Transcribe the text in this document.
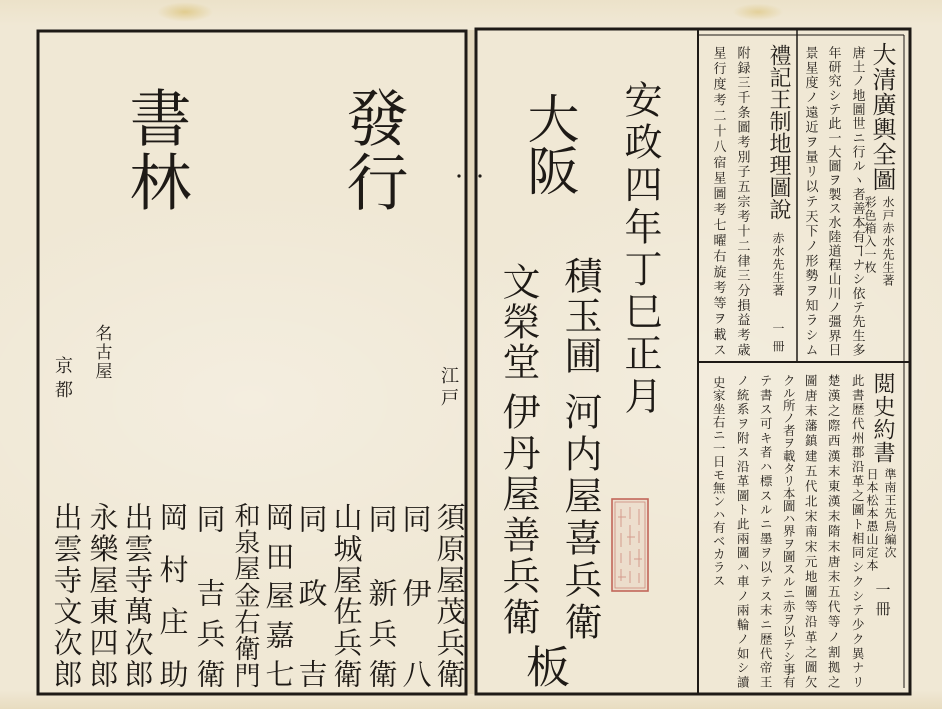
大清廣輿全圖
水戸赤水先生著
彩色箱入一枚
唐土ノ地圖世ニ行ルヽ者善本有ヿナシ依テ先生多
年研究シテ此一大圖ヲ製ス水陸道程山川ノ彊界日
景星度ノ遠近ヲ量リ以テ天下ノ形勢ヲ知ラシム
禮記王制地理圖說
赤水先生著
一冊
附録三千条圖考別子五宗考十二律三分損益考歳
星行度考二十八宿星圖考七曜右旋考等ヲ載ス
閲史約書
準南王先鳥編次
日本松本愚山定本
一冊
此書歴代州郡沿革之圖ト相同シクシテ少ク異ナリ
楚漢之際西漢末東漢末隋末唐末五代等ノ割拠之
圖唐末藩鎮建五代北宋南宋元地圖等沿革之圖欠
クル所ノ者ヲ載タリ本圖ハ界ヲ圖スルニ赤ヲ以テシ事有
テ書ス可キ者ハ標スルニ墨ヲ以テス末ニ歴代帝王
ノ統系ヲ附ス沿革圖ト此兩圖ハ車ノ兩輪ノ如シ讀
史家坐右ニ一日モ無ンハ有ベカラス
安政四年丁巳正月
大阪
積玉圃
河内屋喜兵衛
文榮堂
伊丹屋善兵衛
板
發行
書林
江戸
名古屋
京都
須原屋茂兵衛
同
伊八
同
新兵衛
山城屋佐兵衛
同
政吉
岡田屋嘉七
和泉屋金右衛門
同
吉兵衛
岡村庄助
出雲寺萬次郎
永樂屋東四郎
出雲寺文次郎
